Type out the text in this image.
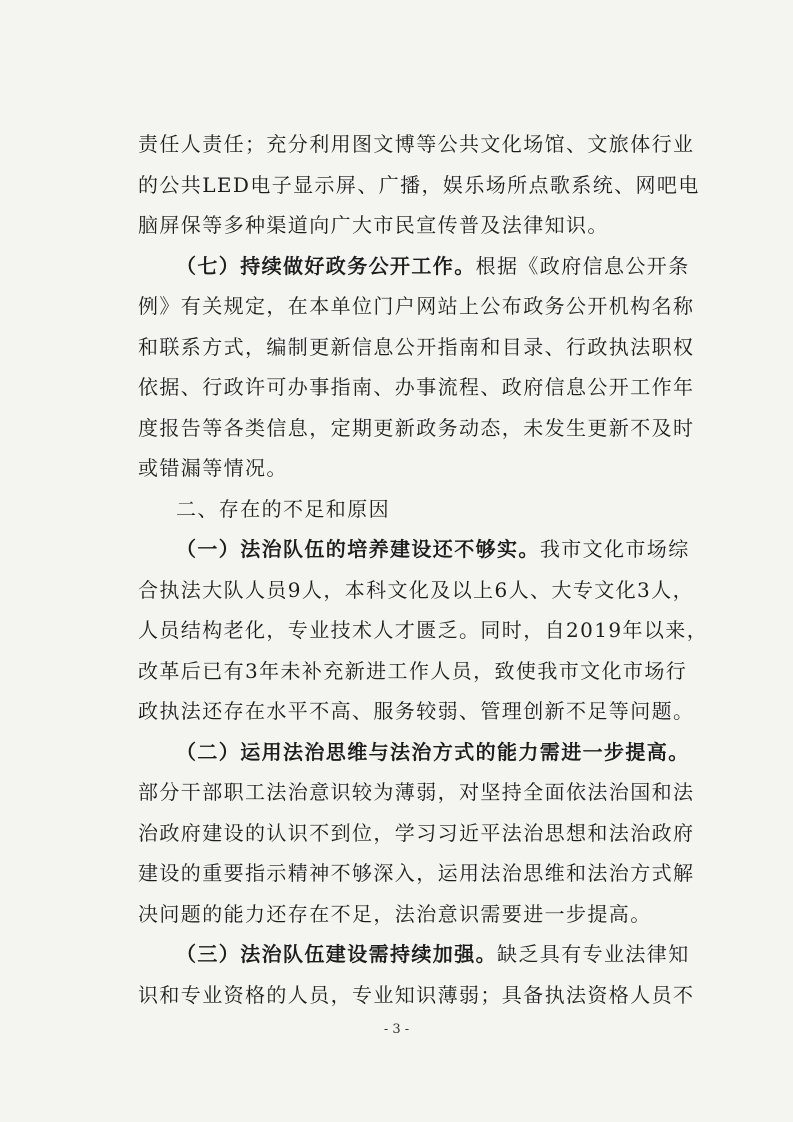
责任人责任；充分利用图文博等公共文化场馆、文旅体行业
的公共LED电子显示屏、广播，娱乐场所点歌系统、网吧电
脑屏保等多种渠道向广大市民宣传普及法律知识。
（七）持续做好政务公开工作。根据《政府信息公开条
例》有关规定，在本单位门户网站上公布政务公开机构名称
和联系方式，编制更新信息公开指南和目录、行政执法职权
依据、行政许可办事指南、办事流程、政府信息公开工作年
度报告等各类信息，定期更新政务动态，未发生更新不及时
或错漏等情况。
二、存在的不足和原因
（一）法治队伍的培养建设还不够实。我市文化市场综
合执法大队人员9人，本科文化及以上6人、大专文化3人，
人员结构老化，专业技术人才匮乏。同时，自2019年以来，
改革后已有3年未补充新进工作人员，致使我市文化市场行
政执法还存在水平不高、服务较弱、管理创新不足等问题。
（二）运用法治思维与法治方式的能力需进一步提高。
部分干部职工法治意识较为薄弱，对坚持全面依法治国和法
治政府建设的认识不到位，学习习近平法治思想和法治政府
建设的重要指示精神不够深入，运用法治思维和法治方式解
决问题的能力还存在不足，法治意识需要进一步提高。
（三）法治队伍建设需持续加强。缺乏具有专业法律知
识和专业资格的人员，专业知识薄弱；具备执法资格人员不
- 3 -
